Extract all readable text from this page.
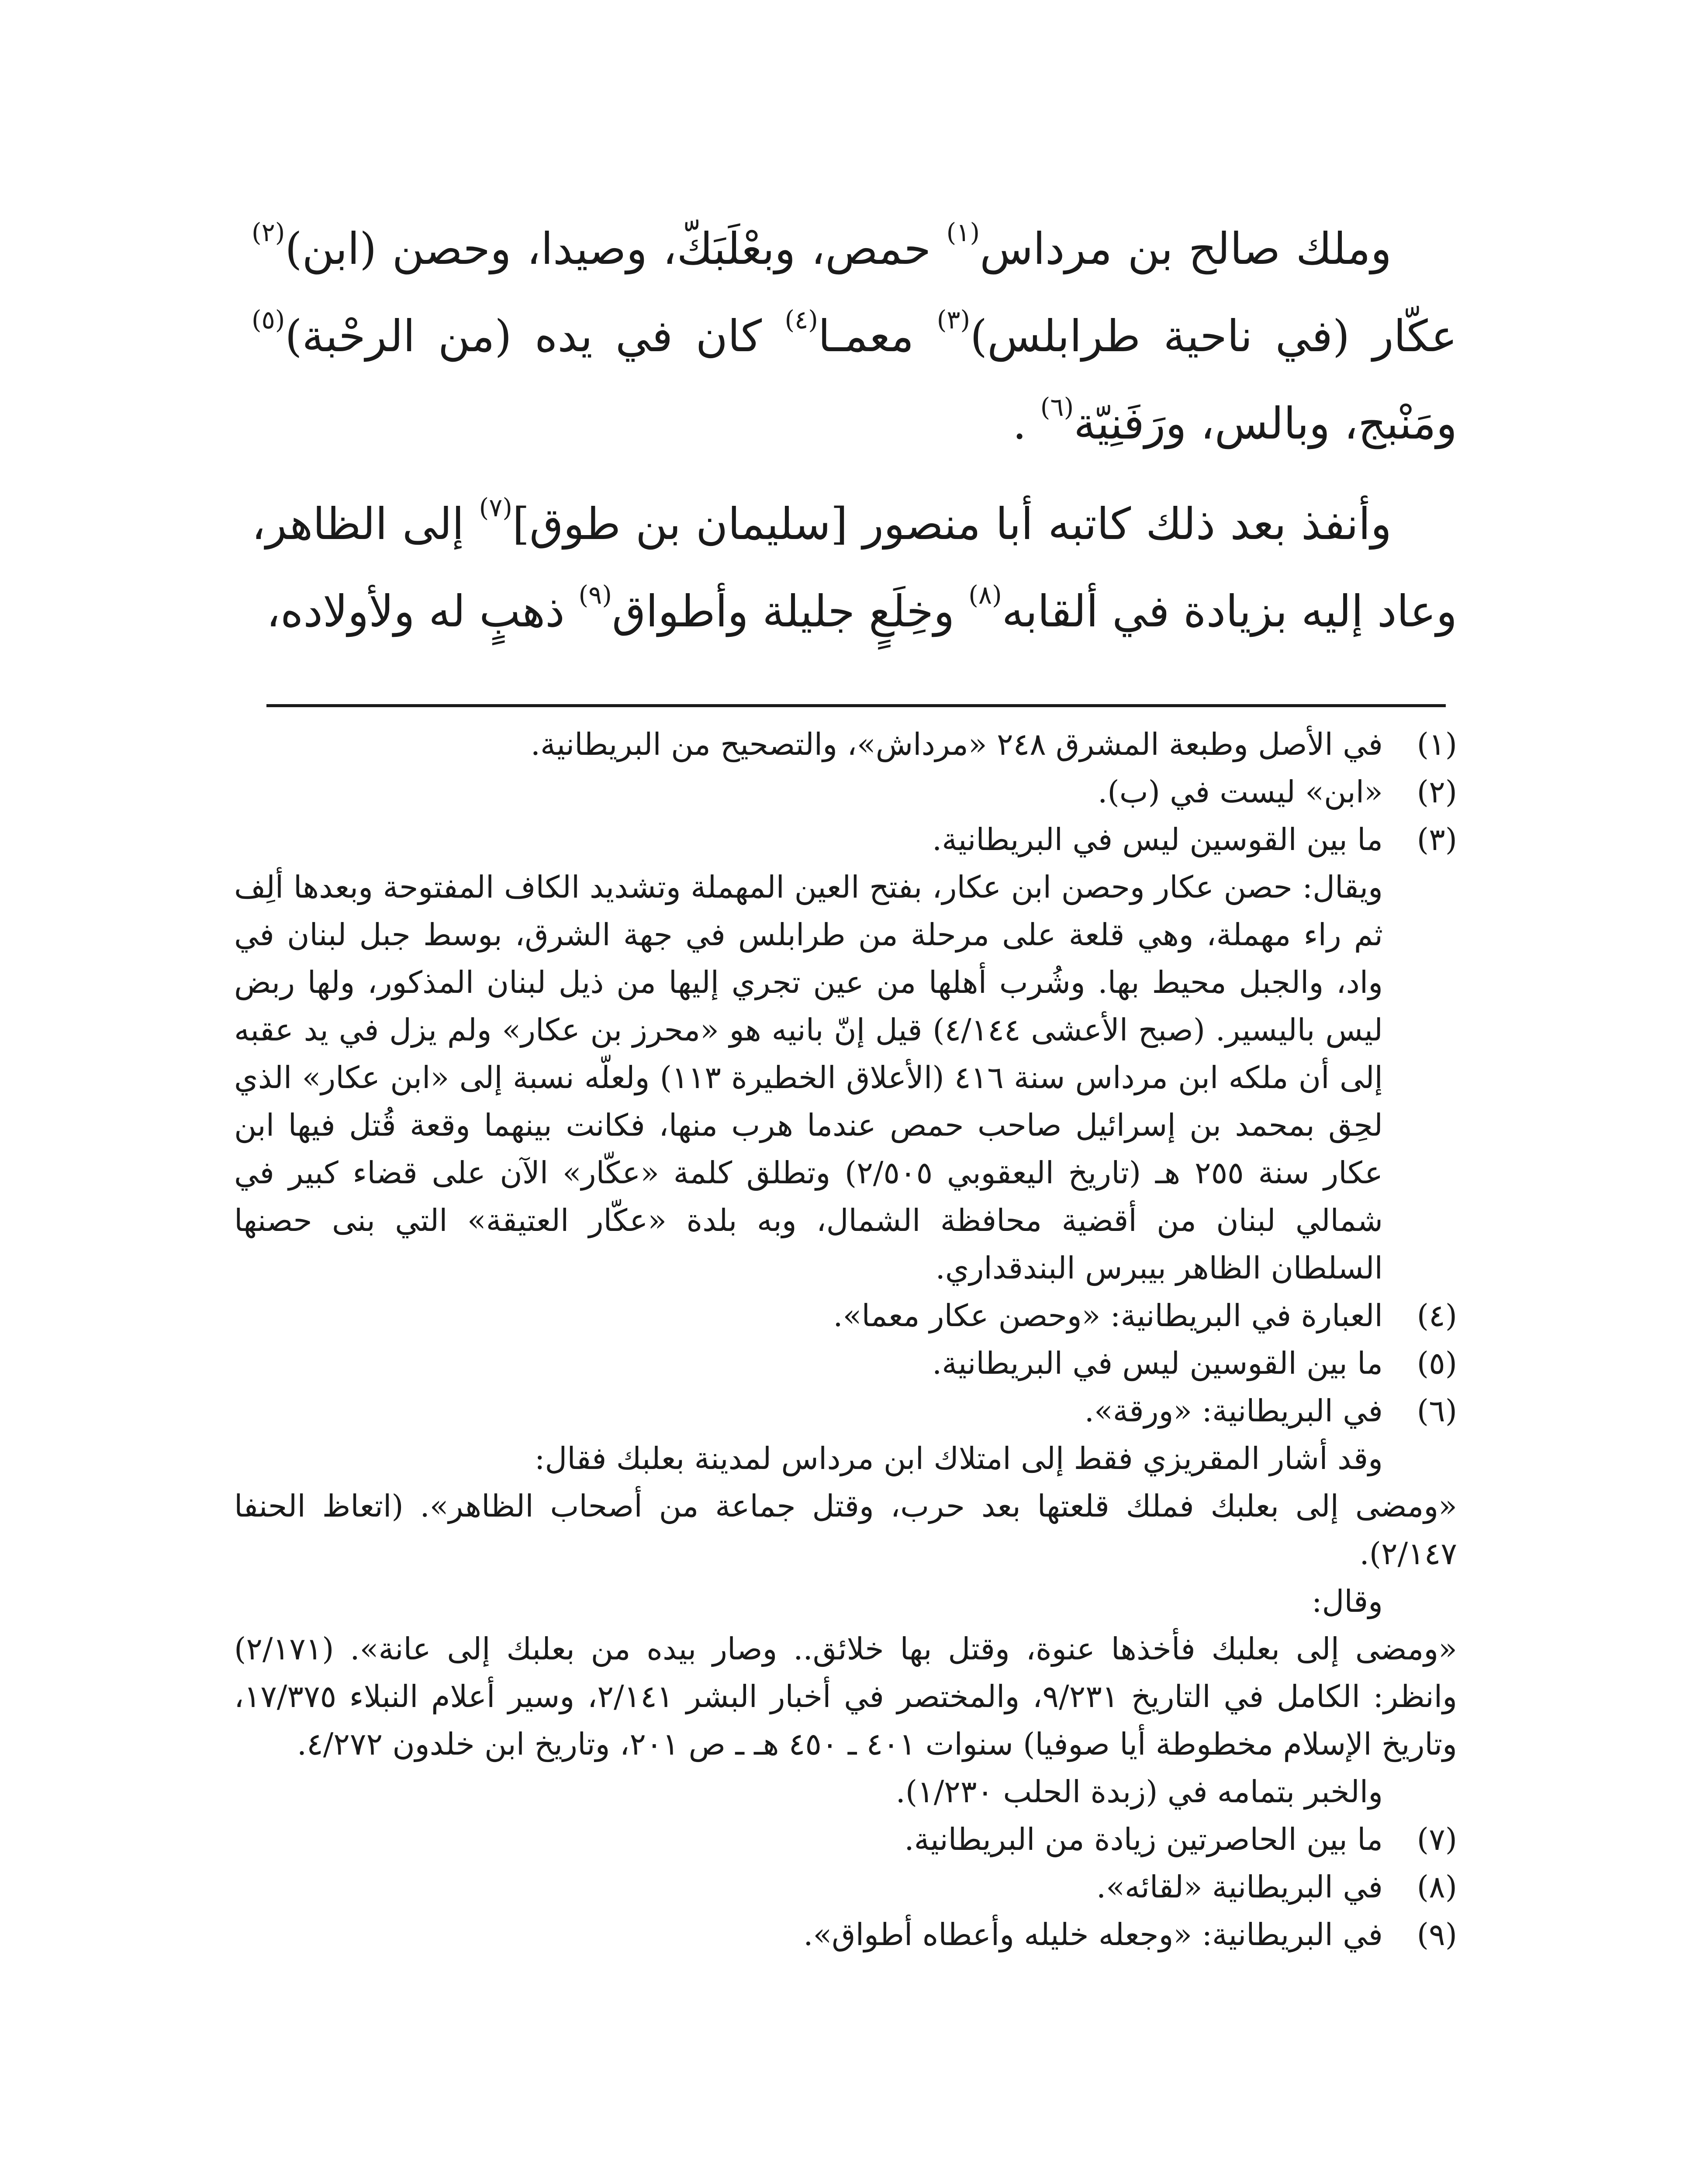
وملك صالح بن مرداس$^{(١)}$ حمص، وبعْلَبَكّ، وصيدا، وحصن (ابن)$^{(٢)}$ عكّار (في ناحية طرابلس)$^{(٣)}$ معمـا$^{(٤)}$ كان في يده (من الرحْبة)$^{(٥)}$ ومَنْبج، وبالس، ورَفَنِيّة$^{(٦)}$ .

وأنفذ بعد ذلك كاتبه أبا منصور [سليمان بن طوق]$^{(٧)}$ إلى الظاهر، وعاد إليه بزيادة في ألقابه$^{(٨)}$ وخِلَعٍ جليلة وأطواق$^{(٩)}$ ذهبٍ له ولأولاده،

(١)
في الأصل وطبعة المشرق ٢٤٨ «مرداش»، والتصحيح من البريطانية.
(٢)
«ابن» ليست في (ب).
(٣)
ما بين القوسين ليس في البريطانية.
ويقال: حصن عكار وحصن ابن عكار، بفتح العين المهملة وتشديد الكاف المفتوحة وبعدها ألِف ثم راء مهملة، وهي قلعة على مرحلة من طرابلس في جهة الشرق، بوسط جبل لبنان في واد، والجبل محيط بها. وشُرب أهلها من عين تجري إليها من ذيل لبنان المذكور، ولها ربض ليس باليسير. (صبح الأعشى ٤/١٤٤) قيل إنّ بانيه هو «محرز بن عكار» ولم يزل في يد عقبه إلى أن ملكه ابن مرداس سنة ٤١٦ (الأعلاق الخطيرة ١١٣) ولعلّه نسبة إلى «ابن عكار» الذي لحِق بمحمد بن إسرائيل صاحب حمص عندما هرب منها، فكانت بينهما وقعة قُتل فيها ابن عكار سنة ٢٥٥ هـ (تاريخ اليعقوبي ٢/٥٠٥) وتطلق كلمة «عكّار» الآن على قضاء كبير في شمالي لبنان من أقضية محافظة الشمال، وبه بلدة «عكّار العتيقة» التي بنى حصنها السلطان الظاهر بيبرس البندقداري.
(٤)
العبارة في البريطانية: «وحصن عكار معما».
(٥)
ما بين القوسين ليس في البريطانية.
(٦)
في البريطانية: «ورقة».
وقد أشار المقريزي فقط إلى امتلاك ابن مرداس لمدينة بعلبك فقال:
«ومضى إلى بعلبك فملك قلعتها بعد حرب، وقتل جماعة من أصحاب الظاهر». (اتعاظ الحنفا ٢/١٤٧).
وقال:
«ومضى إلى بعلبك فأخذها عنوة، وقتل بها خلائق.. وصار بيده من بعلبك إلى عانة». (٢/١٧١) وانظر: الكامل في التاريخ ٩/٢٣١، والمختصر في أخبار البشر ٢/١٤١، وسير أعلام النبلاء ١٧/٣٧٥، وتاريخ الإسلام مخطوطة أيا صوفيا) سنوات ٤٠١ ـ ٤٥٠ هـ ـ ص ٢٠١، وتاريخ ابن خلدون ٤/٢٧٢.
والخبر بتمامه في (زبدة الحلب ١/٢٣٠).
(٧)
ما بين الحاصرتين زيادة من البريطانية.
(٨)
في البريطانية «لقائه».
(٩)
في البريطانية: «وجعله خليله وأعطاه أطواق».
